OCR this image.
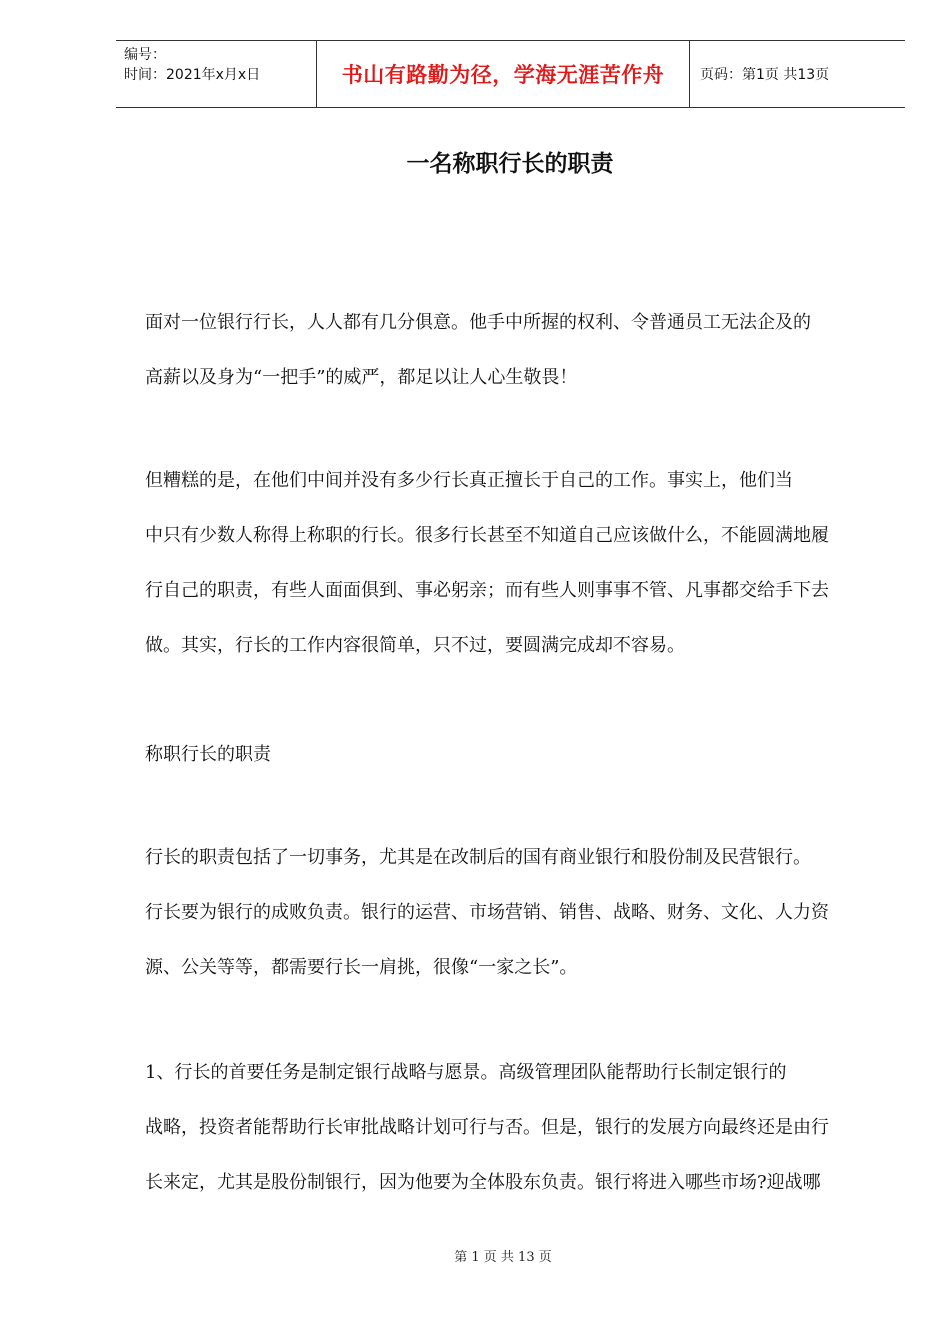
编号：
时间：2021年x月x日	书山有路勤为径，学海无涯苦作舟	页码：第1页 共13页
一名称职行长的职责

面对一位银行行长，人人都有几分俱意。他手中所握的权利、令普通员工无法企及的
高薪以及身为“一把手”的威严，都足以让人心生敬畏！

但糟糕的是，在他们中间并没有多少行长真正擅长于自己的工作。事实上，他们当
中只有少数人称得上称职的行长。很多行长甚至不知道自己应该做什么，不能圆满地履
行自己的职责，有些人面面俱到、事必躬亲；而有些人则事事不管、凡事都交给手下去
做。其实，行长的工作内容很简单，只不过，要圆满完成却不容易。

称职行长的职责

行长的职责包括了一切事务，尤其是在改制后的国有商业银行和股份制及民营银行。
行长要为银行的成败负责。银行的运营、市场营销、销售、战略、财务、文化、人力资
源、公关等等，都需要行长一肩挑，很像“一家之长”。

1、行长的首要任务是制定银行战略与愿景。高级管理团队能帮助行长制定银行的
战略，投资者能帮助行长审批战略计划可行与否。但是，银行的发展方向最终还是由行
长来定，尤其是股份制银行，因为他要为全体股东负责。银行将进入哪些市场?迎战哪

第 1 页 共 13 页
